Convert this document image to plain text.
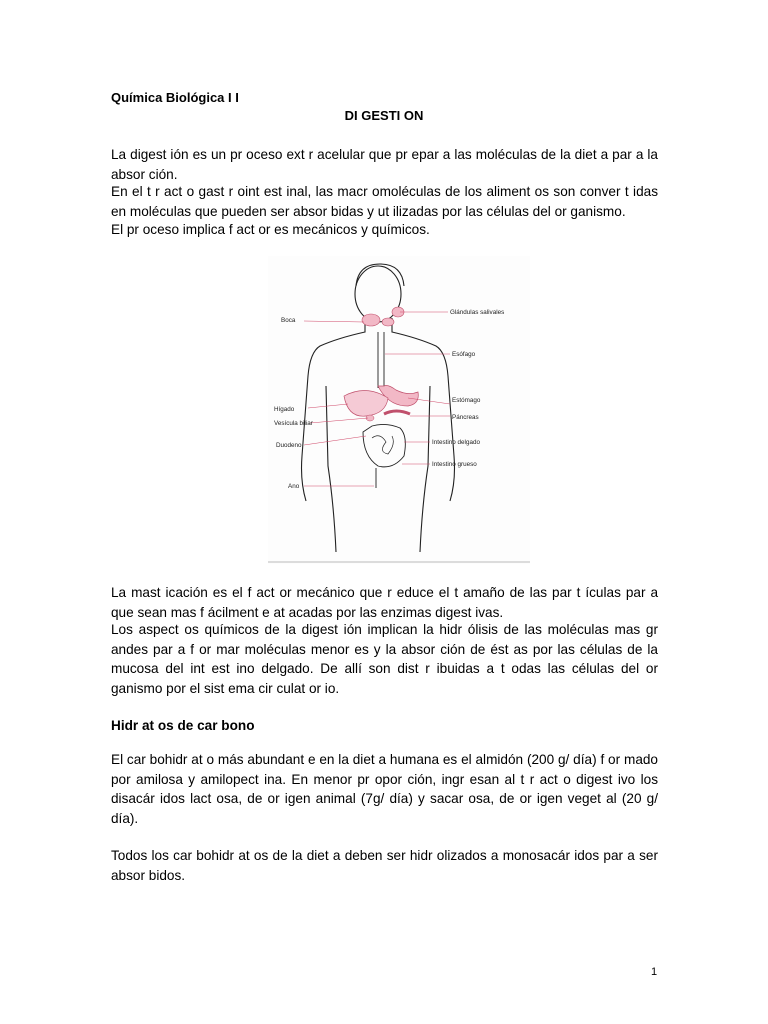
Química Biológica I I
DI GESTI ON

La digest ión es un pr oceso ext r acelular que pr epar a las moléculas de la diet a par a la absor ción.

En el t r act o gast r oint est inal, las macr omoléculas de los aliment os son conver t idas en moléculas que pueden ser absor bidas y ut ilizadas por las células del or ganismo.

El pr oceso implica f act or es mecánicos y químicos.

Glándulas salivales
Boca
Esófago
Estómago
Hígado
Páncreas
Vesícula biliar
Duodeno	Intestino delgado
Intestino grueso
Ano

La mast icación es el f act or mecánico que r educe el t amaño de las par t ículas par a que sean mas f ácilment e at acadas por las enzimas digest ivas.

Los aspect os químicos de la digest ión implican la hidr ólisis de las moléculas mas gr andes par a f or mar moléculas menor es y la absor ción de ést as por las células de la mucosa del int est ino delgado. De allí son dist r ibuidas a t odas las células del or ganismo por el sist ema cir culat or io.

Hidr at os de car bono

El car bohidr at o más abundant e en la diet a humana es el almidón (200 g/ día) f or mado por amilosa y amilopect ina. En menor pr opor ción, ingr esan al t r act o digest ivo los disacár idos lact osa, de or igen animal (7g/ día) y sacar osa, de or igen veget al (20 g/ día).

Todos los car bohidr at os de la diet a deben ser hidr olizados a monosacár idos par a ser absor bidos.

1
